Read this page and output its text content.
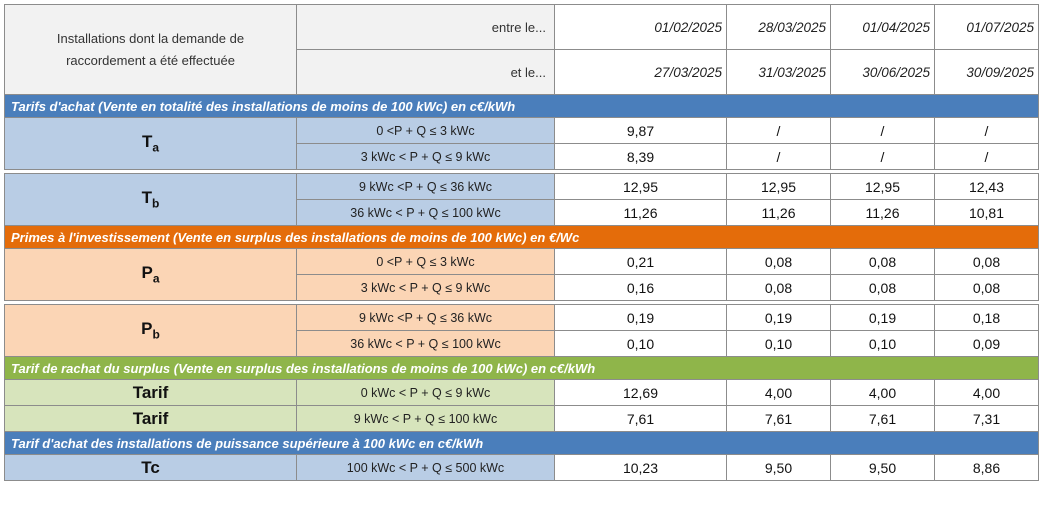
Installations dont la demande de
raccordement a été effectuée	entre le...	01/02/2025	28/03/2025	01/04/2025	01/07/2025
	et le...	27/03/2025	31/03/2025	30/06/2025	30/09/2025
Tarifs d'achat (Vente en totalité des installations de moins de 100 kWc) en c€/kWh					
$T_a$	0 <P + Q ≤ 3 kWc	9,87	/	/	/
	3 kWc < P + Q ≤ 9 kWc	8,39	/	/	/

$T_b$	9 kWc <P + Q ≤ 36 kWc	12,95	12,95	12,95	12,43
	36 kWc < P + Q ≤ 100 kWc	11,26	11,26	11,26	10,81
Primes à l'investissement (Vente en surplus des installations de moins de 100 kWc) en €/Wc					
$P_a$	0 <P + Q ≤ 3 kWc	0,21	0,08	0,08	0,08
	3 kWc < P + Q ≤ 9 kWc	0,16	0,08	0,08	0,08

$P_b$	9 kWc <P + Q ≤ 36 kWc	0,19	0,19	0,19	0,18
	36 kWc < P + Q ≤ 100 kWc	0,10	0,10	0,10	0,09
Tarif de rachat du surplus (Vente en surplus des installations de moins de 100 kWc) en c€/kWh					
Tarif	0 kWc < P + Q ≤ 9 kWc	12,69	4,00	4,00	4,00
Tarif	9 kWc < P + Q ≤ 100 kWc	7,61	7,61	7,61	7,31
Tarif d'achat des installations de puissance supérieure à 100 kWc en c€/kWh					
Tc	100 kWc < P + Q ≤ 500 kWc	10,23	9,50	9,50	8,86
